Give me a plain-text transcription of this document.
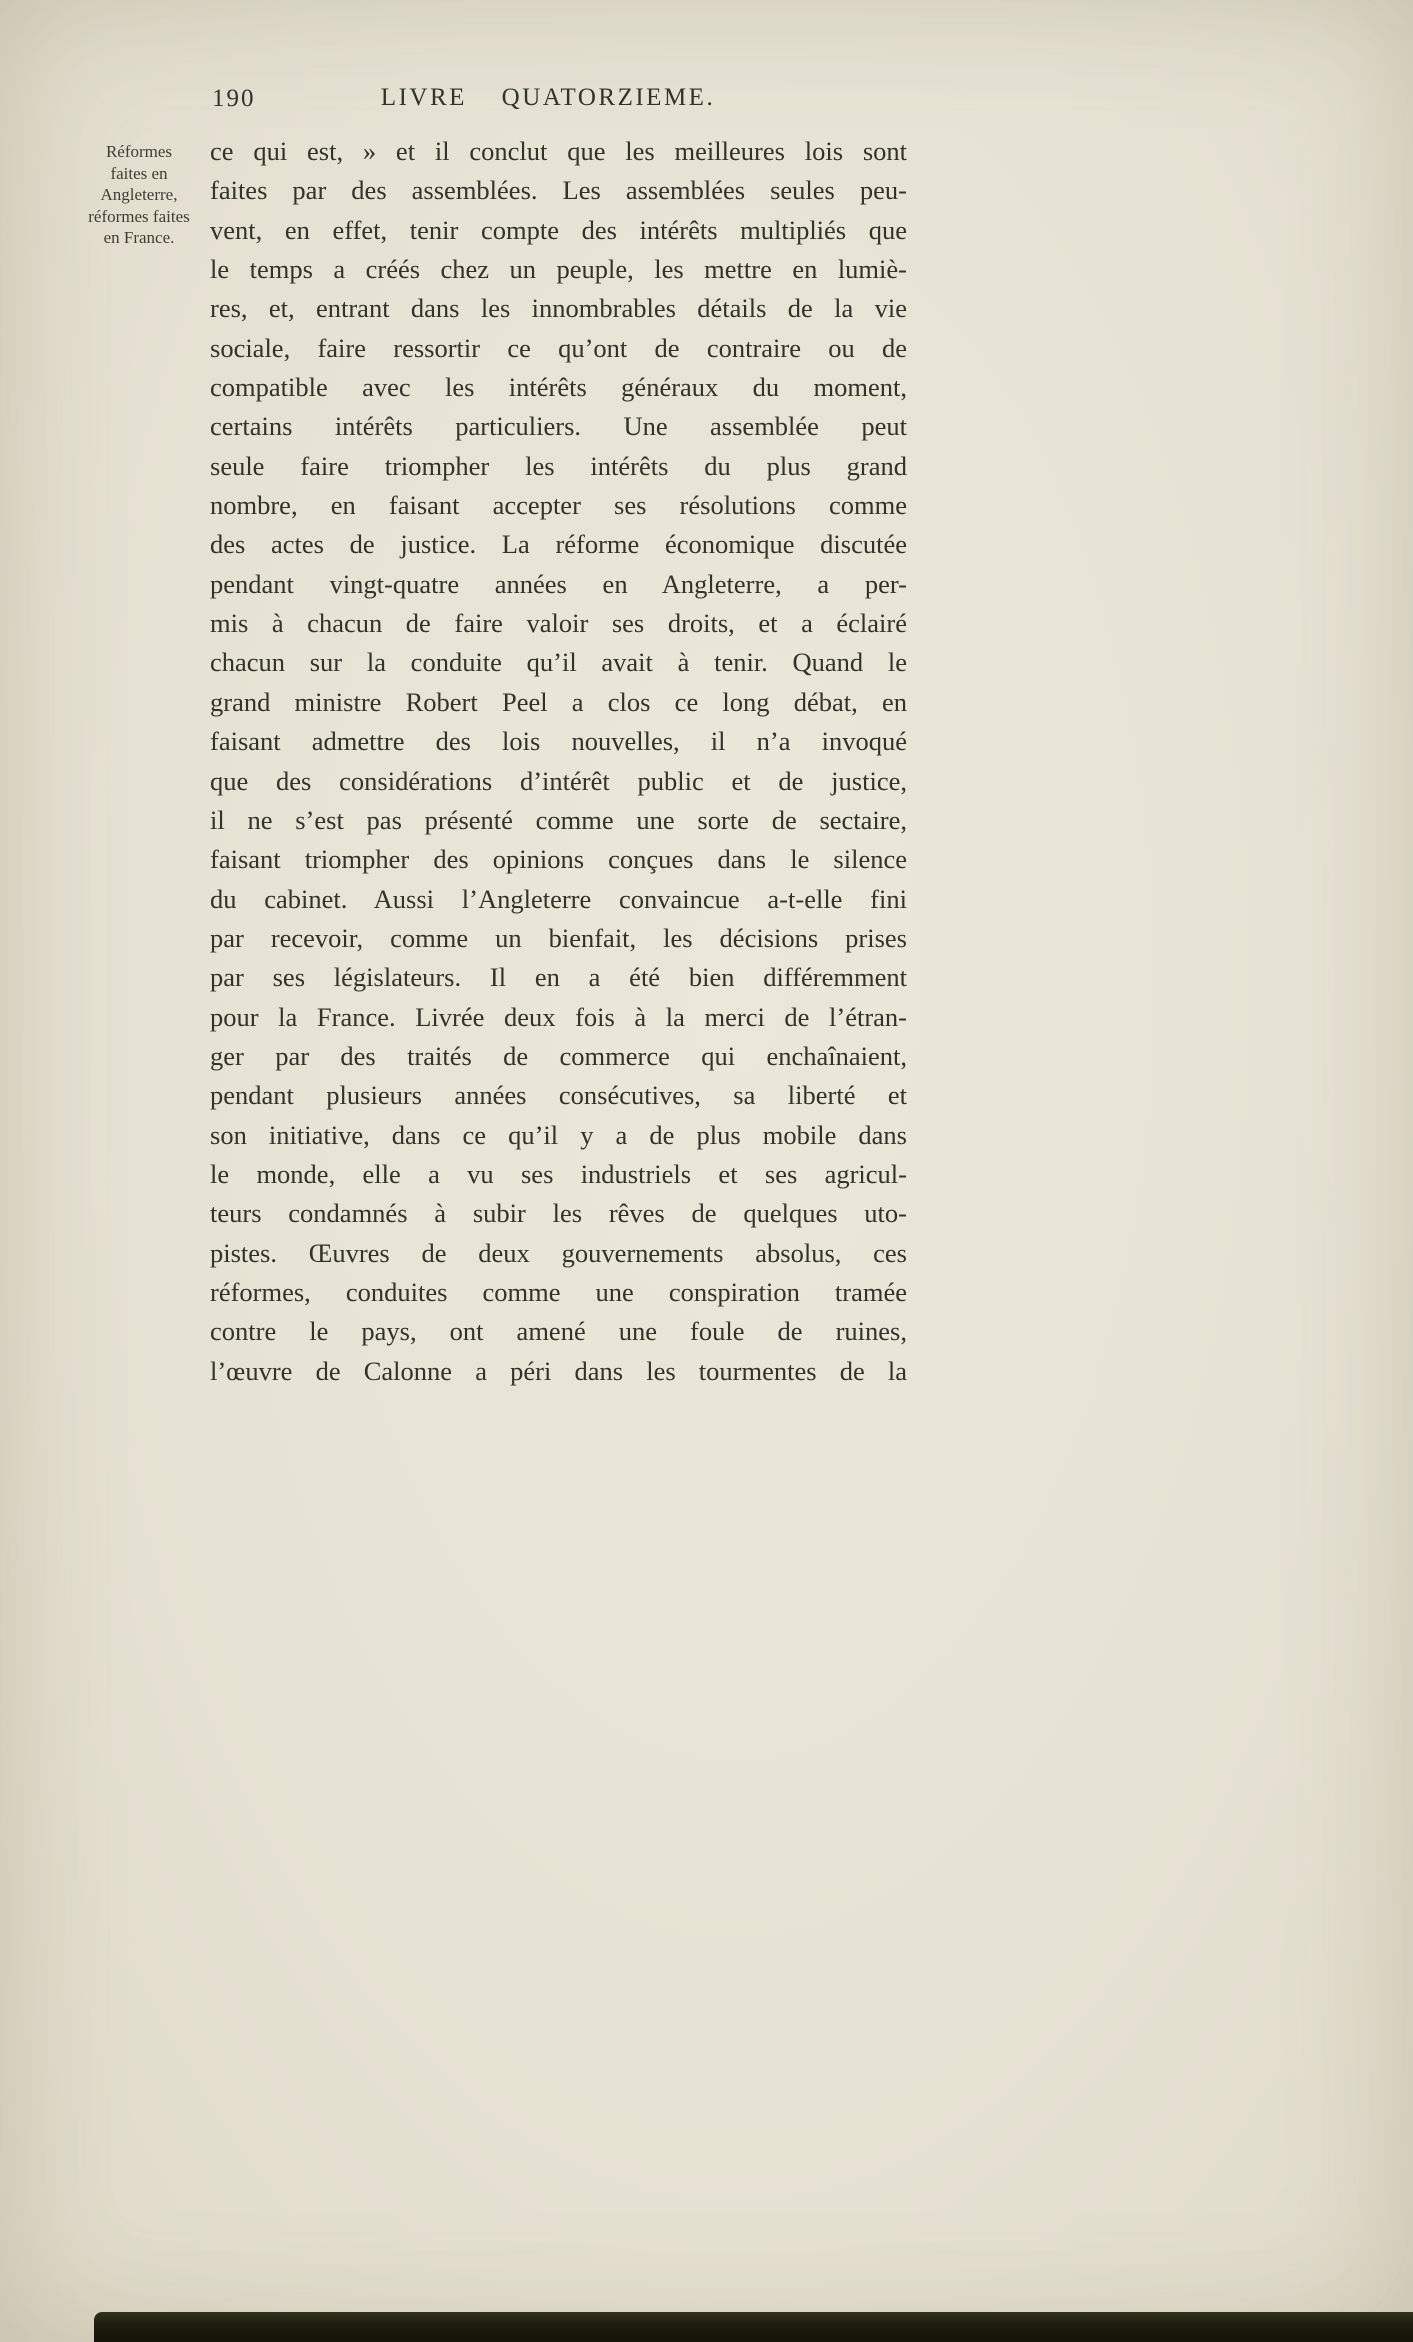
190	LIVRE QUATORZIEME.
Réformes
faites en
Angleterre,
réformes faites
en France.
ce qui est, » et il conclut que les meilleures lois sont
faites par des assemblées. Les assemblées seules peu-
vent, en effet, tenir compte des intérêts multipliés que
le temps a créés chez un peuple, les mettre en lumiè-
res, et, entrant dans les innombrables détails de la vie
sociale, faire ressortir ce qu’ont de contraire ou de
compatible avec les intérêts généraux du moment,
certains intérêts particuliers. Une assemblée peut
seule faire triompher les intérêts du plus grand
nombre, en faisant accepter ses résolutions comme
des actes de justice. La réforme économique discutée
pendant vingt-quatre années en Angleterre, a per-
mis à chacun de faire valoir ses droits, et a éclairé
chacun sur la conduite qu’il avait à tenir. Quand le
grand ministre Robert Peel a clos ce long débat, en
faisant admettre des lois nouvelles, il n’a invoqué
que des considérations d’intérêt public et de justice,
il ne s’est pas présenté comme une sorte de sectaire,
faisant triompher des opinions conçues dans le silence
du cabinet. Aussi l’Angleterre convaincue a-t-elle fini
par recevoir, comme un bienfait, les décisions prises
par ses législateurs. Il en a été bien différemment
pour la France. Livrée deux fois à la merci de l’étran-
ger par des traités de commerce qui enchaînaient,
pendant plusieurs années consécutives, sa liberté et
son initiative, dans ce qu’il y a de plus mobile dans
le monde, elle a vu ses industriels et ses agricul-
teurs condamnés à subir les rêves de quelques uto-
pistes. Œuvres de deux gouvernements absolus, ces
réformes, conduites comme une conspiration tramée
contre le pays, ont amené une foule de ruines,
l’œuvre de Calonne a péri dans les tourmentes de la
